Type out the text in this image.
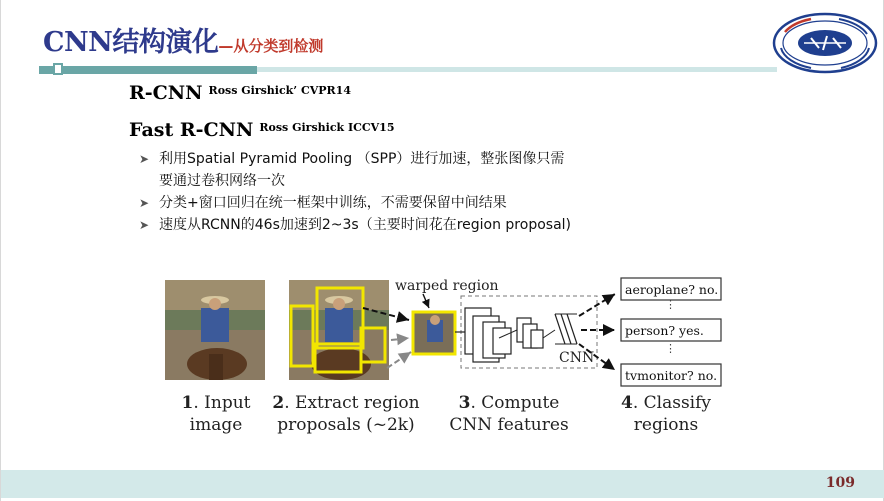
CNN结构演化—从分类到检测
R-CNN $^{Ross Girshick’ CVPR14}$
Fast R-CNN $^{Ross Girshick ICCV15}$
➤ 利用Spatial Pyramid Pooling （SPP）进行加速，整张图像只需
要通过卷积网络一次
➤ 分类+窗口回归在统一框架中训练，不需要保留中间结果
➤ 速度从RCNN的46s加速到2~3s（主要时间花在region proposal)
warped region
CNN
aeroplane? no.
⋮
person? yes.
⋮
tvmonitor? no.
1. Input
image
2. Extract region
proposals (~2k)
3. Compute
CNN features
4. Classify
regions
109
